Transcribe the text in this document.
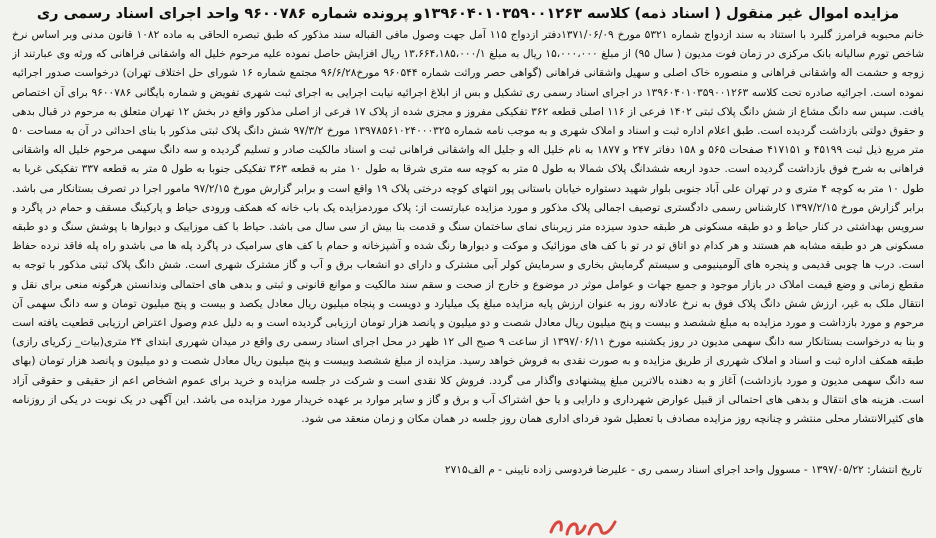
مزایده اموال غیر منقول ( اسناد ذمه) کلاسه ۱۳۹۶۰۴۰۱۰۳۵۹۰۰۱۲۶۳و پرونده شماره ۹۶۰۰۷۸۶ واحد اجرای اسناد رسمی ری
خانم محبوبه فرامرز گلبرد با استناد به سند ازدواج شماره ۵۳۲۱ مورخ ۱۳۷۱/۰۶/۰۹دفتر ازدواج ۱۱۵ آمل جهت وصول مافی القباله سند مذکور که طبق تبصره الحاقی به ماده ۱۰۸۲ قانون مدنی وبر اساس نرخ شاخص تورم سالیانه بانک مرکزی در زمان فوت مدیون ( سال ۹۵) از مبلغ ۱۵،۰۰۰،۰۰۰ ریال به مبلغ ۱۳،۶۶۴،۱۸۵،۰۰۰/۱ ریال افزایش حاصل نموده علیه مرحوم خلیل اله واشقانی فراهانی که ورثه وی عبارتند از زوجه و حشمت اله واشقانی فراهانی و منصوره خاک اصلی و سهیل واشقانی فراهانی (گواهی حصر وراثت شماره ۹۶۰۵۴۴ مورخ۹۶/۶/۲۸ مجتمع شماره ۱۶ شورای حل اختلاف تهران) درخواست صدور اجرائیه نموده است. اجرائیه صادره تحت کلاسه ۱۳۹۶۰۴۰۱۰۳۵۹۰۰۱۲۶۳ در اجرای اسناد رسمی ری تشکیل و بس از ابلاغ اجرائیه نیابت اجرایی به اجرای ثبت شهری تفویض و شماره بایگانی ۹۶۰۰۷۸۶ برای آن اختصاص یافت. سپس سه دانگ مشاع از شش دانگ پلاک ثبتی ۱۴۰۲ فرعی از ۱۱۶ اصلی قطعه ۳۶۲ تفکیکی مفروز و مجزی شده از پلاک ۱۷ فرعی از اصلی مذکور واقع در بخش ۱۲ تهران متعلق به مرحوم در قبال بدهی و حقوق دولتی بازداشت گردیده است. طبق اعلام اداره ثبت و اسناد و املاک شهری و به موجب نامه شماره ۱۳۹۷۸۵۶۱۰۲۴۰۰۰۳۲۵ مورخ ۹۷/۳/۲ شش دانگ پلاک ثبتی مذکور با بنای احداثی در آن به مساحت ۵۰ متر مربع ذیل ثبت ۴۵۱۹۹ و ۴۱۷۱۵۱ صفحات ۵۶۵ و ۱۵۸ دفاتر ۲۴۷ و ۱۸۷۷ به نام خلیل اله و جلیل اله واشقانی فراهانی ثبت و اسناد مالکیت صادر و تسلیم گردیده و سه دانگ سهمی مرحوم خلیل اله واشقانی فراهانی به شرح فوق بازداشت گردیده است. حدود اربعه ششدانگ پلاک شمالا به طول ۵ متر به کوچه سه متری شرقا به طول ۱۰ متر به قطعه ۳۶۳ تفکیکی جنوبا به طول ۵ متر به قطعه ۳۳۷ تفکیکی غربا به طول ۱۰ متر به کوچه ۴ متری و در تهران علی آباد جنوبی بلوار شهید دستواره خیابان باستانی پور انتهای کوچه درختی پلاک ۱۹ واقع است و برابر گزارش مورخ ۹۷/۲/۱۵ مامور اجرا در تصرف بستانکار می باشد. برابر گزارش مورخ ۱۳۹۷/۲/۱۵ کارشناس رسمی دادگستری توصیف اجمالی پلاک مذکور و مورد مزایده عبارتست از: پلاک موردمزایده یک باب خانه که همکف ورودی حیاط و پارکینگ مسقف و حمام در پاگرد و سرویس بهداشتی در کنار حیاط و دو طبقه مسکونی هر طبقه حدود سیزده متر زیربنای نمای ساختمان سنگ و قدمت بنا بیش از سی سال می باشد. حیاط با کف موزاییک و دیوارها با پوشش سنگ و دو طبقه مسکونی هر دو طبقه مشابه هم هستند و هر کدام دو اتاق تو در تو با کف های موزائیک و موکت و دیوارها رنگ شده و آشپزخانه و حمام با کف های سرامیک در پاگرد پله ها می باشدو راه پله فاقد نرده حفاظ است. درب ها چوبی قدیمی و پنجره های آلومینیومی و سیستم گرمایش بخاری و سرمایش کولر آبی مشترک و دارای دو انشعاب برق و آب و گاز مشترک شهری است. شش دانگ پلاک ثبتی مذکور با توجه به مقطع زمانی و وضع قیمت املاک در بازار موجود و جمیع جهات و عوامل موثر در موضوع و خارج از صحت و سقم سند مالکیت و موانع قانونی و ثبتی و بدهی های احتمالی وندانستن هرگونه منعی برای نقل و انتقال ملک به غیر، ارزش شش دانگ پلاک فوق به نرخ عادلانه روز به عنوان ارزش پایه مزایده مبلغ یک میلیارد و دویست و پنجاه میلیون ریال معادل یکصد و بیست و پنج میلیون تومان و سه دانگ سهمی آن مرحوم و مورد بازداشت و مورد مزایده به مبلغ ششصد و بیست و پنج میلیون ریال معادل شصت و دو میلیون و پانصد هزار تومان ارزیابی گردیده است و به دلیل عدم وصول اعتراض ارزیابی قطعیت یافته است و بنا به درخواست بستانکار سه دانگ سهمی مدیون در روز یکشنبه مورخ ۱۳۹۷/۰۶/۱۱ از ساعت ۹ صبح الی ۱۲ ظهر در محل اجرای اسناد رسمی ری واقع در میدان شهرری ابتدای ۲۴ متری(بیات_ زکریای رازی) طبقه همکف اداره ثبت و اسناد و املاک شهرری از طریق مزایده و به صورت نقدی به فروش خواهد رسید. مزایده از مبلغ ششصد وبیست و پنج میلیون ریال معادل شصت و دو میلیون و پانصد هزار تومان (بهای سه دانگ سهمی مدیون و مورد بازداشت) آغاز و به دهنده بالاترین مبلغ پیشنهادی واگذار می گردد. فروش کلا نقدی است و شرکت در جلسه مزایده و خرید برای عموم اشخاص اعم از حقیقی و حقوقی آزاد است. هزینه های انتقال و بدهی های احتمالی از قبیل عوارض شهرداری و دارایی و یا حق اشتراک آب و برق و گاز و سایر موارد بر عهده خریدار مورد مزایده می باشد. این آگهی در یک نوبت در یکی از روزنامه های کثیرالانتشار محلی منتشر و چنانچه روز مزایده مصادف با تعطیل شود فردای اداری همان روز جلسه در همان مکان و زمان منعقد می شود.
تاریخ انتشار: ۱۳۹۷/۰۵/۲۲ - مسوول واحد اجرای اسناد رسمی ری - علیرضا فردوسی زاده نایینی - م الف۲۷۱۵
